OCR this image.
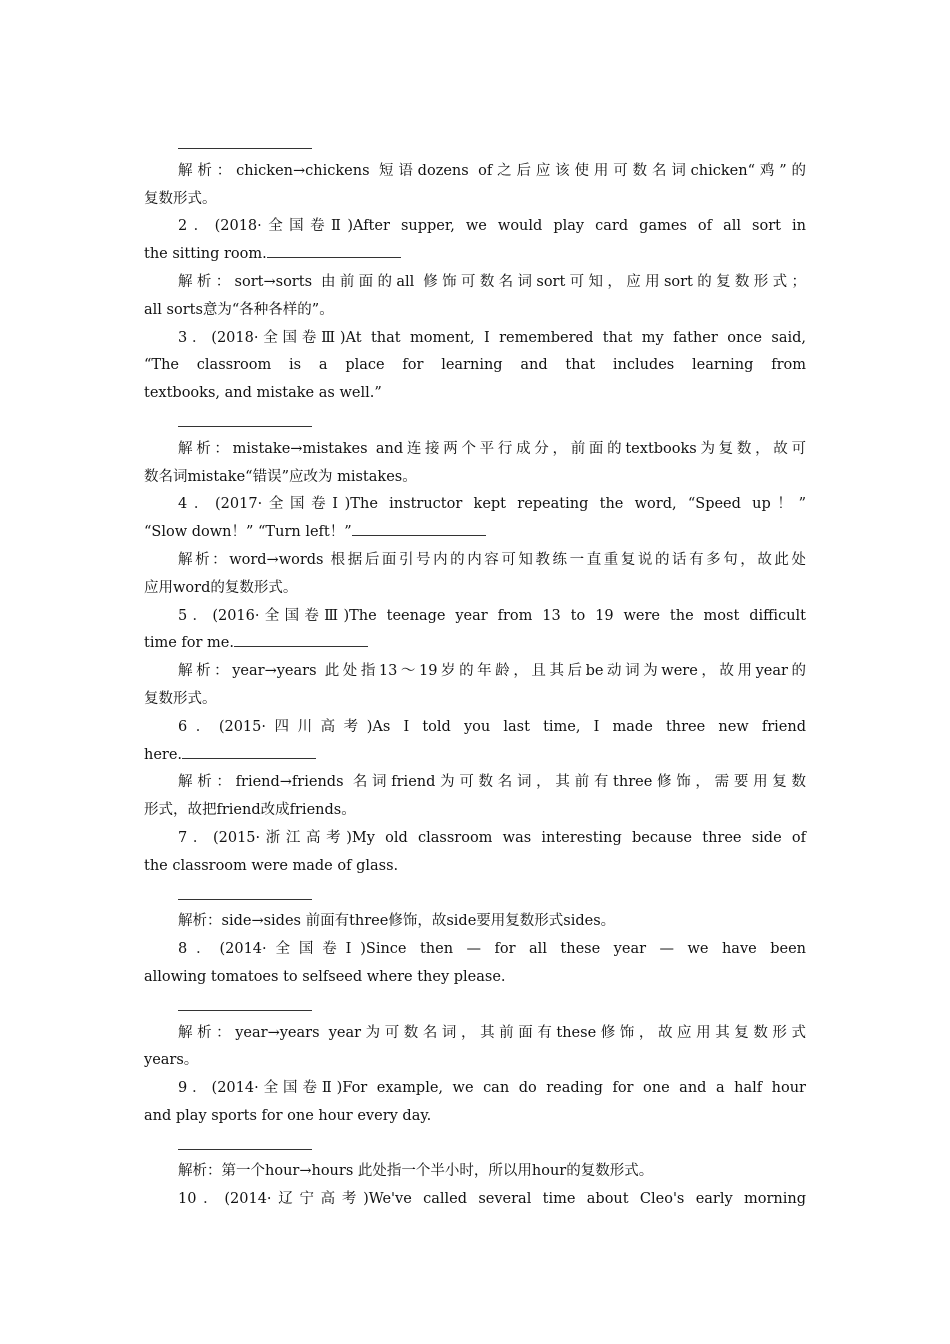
解析：chicken→chickens 短语dozens of之后应该使用可数名词chicken“鸡”的
复数形式。
2．(2018·全国卷Ⅱ)After supper, we would play card games of all sort in
the sitting room.
解析：sort→sorts 由前面的all 修饰可数名词sort可知，应用sort的复数形式；
all sorts意为“各种各样的”。
3．(2018·全国卷Ⅲ)At that moment, I remembered that my father once said,
“The classroom is a place for learning and that includes learning from
textbooks, and mistake as well.”
解析：mistake→mistakes and连接两个平行成分，前面的textbooks为复数，故可
数名词mistake“错误”应改为 mistakes。
4．(2017·全国卷Ⅰ)The instructor kept repeating the word, “Speed up！”
“Slow down！” “Turn left！”
解析：word→words 根据后面引号内的内容可知教练一直重复说的话有多句，故此处
应用word的复数形式。
5．(2016·全国卷Ⅲ)The teenage year from 13 to 19 were the most difficult
time for me.
解析：year→years 此处指13～19岁的年龄，且其后be动词为were，故用year的
复数形式。
6．(2015·四川高考)As I told you last time, I made three new friend
here.
解析：friend→friends 名词friend为可数名词，其前有three修饰，需要用复数
形式，故把friend改成friends。
7．(2015·浙江高考)My old classroom was interesting because three side of
the classroom were made of glass.
解析：side→sides 前面有three修饰，故side要用复数形式sides。
8．(2014·全国卷Ⅰ)Since then — for all these year — we have been
allowing tomatoes to selfseed where they please.
解析：year→years year为可数名词，其前面有these修饰，故应用其复数形式
years。
9．(2014·全国卷Ⅱ)For example, we can do reading for one and a half hour
and play sports for one hour every day.
解析：第一个hour→hours 此处指一个半小时，所以用hour的复数形式。
10．(2014·辽宁高考)We've called several time about Cleo's early morning
